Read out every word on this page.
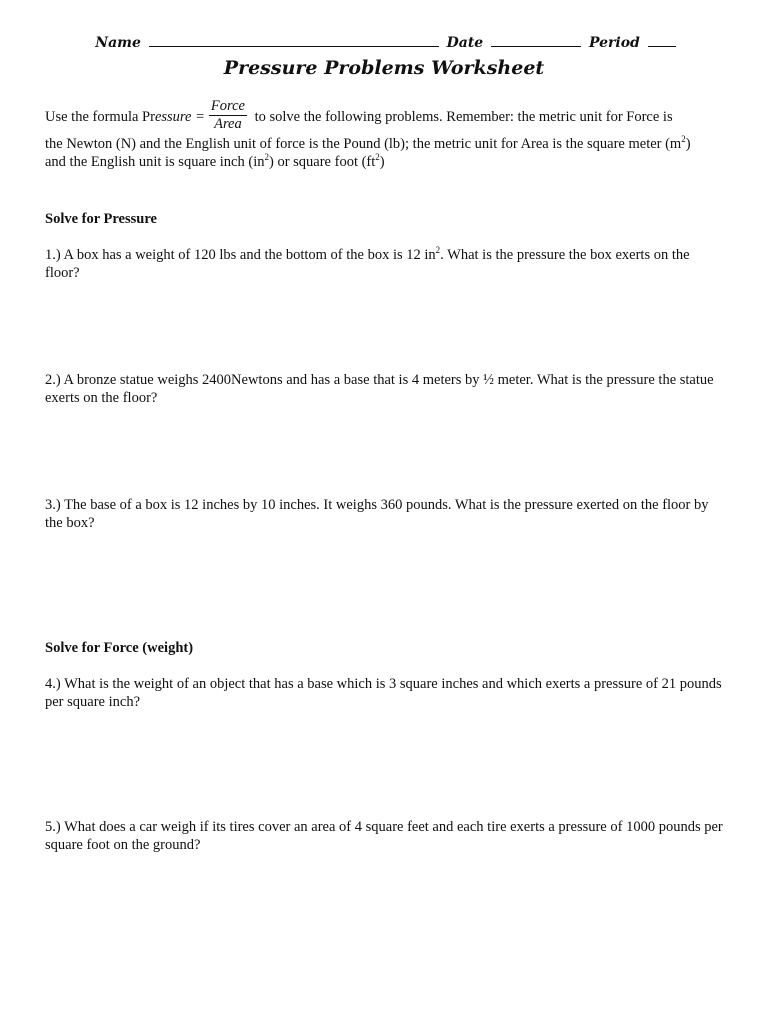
Name	Date	Period
Pressure Problems Worksheet
Use the formula Pressure = $\frac{\text{Force}}{\text{Area}}$ to solve the following problems. Remember: the metric unit for Force is
the Newton (N) and the English unit of force is the Pound (lb); the metric unit for Area is the square meter $(m^2)$
and the English unit is square inch $(in^2)$ or square foot $(ft^2)$
Solve for Pressure
1.) A box has a weight of 120 lbs and the bottom of the box is 12 $in^2$. What is the pressure the box exerts on the floor?
2.) A bronze statue weighs 2400Newtons and has a base that is 4 meters by ½ meter. What is the pressure the statue exerts on the floor?
3.) The base of a box is 12 inches by 10 inches. It weighs 360 pounds. What is the pressure exerted on the floor by the box?
Solve for Force (weight)
4.) What is the weight of an object that has a base which is 3 square inches and which exerts a pressure of 21 pounds per square inch?
5.) What does a car weigh if its tires cover an area of 4 square feet and each tire exerts a pressure of 1000 pounds per square foot on the ground?
